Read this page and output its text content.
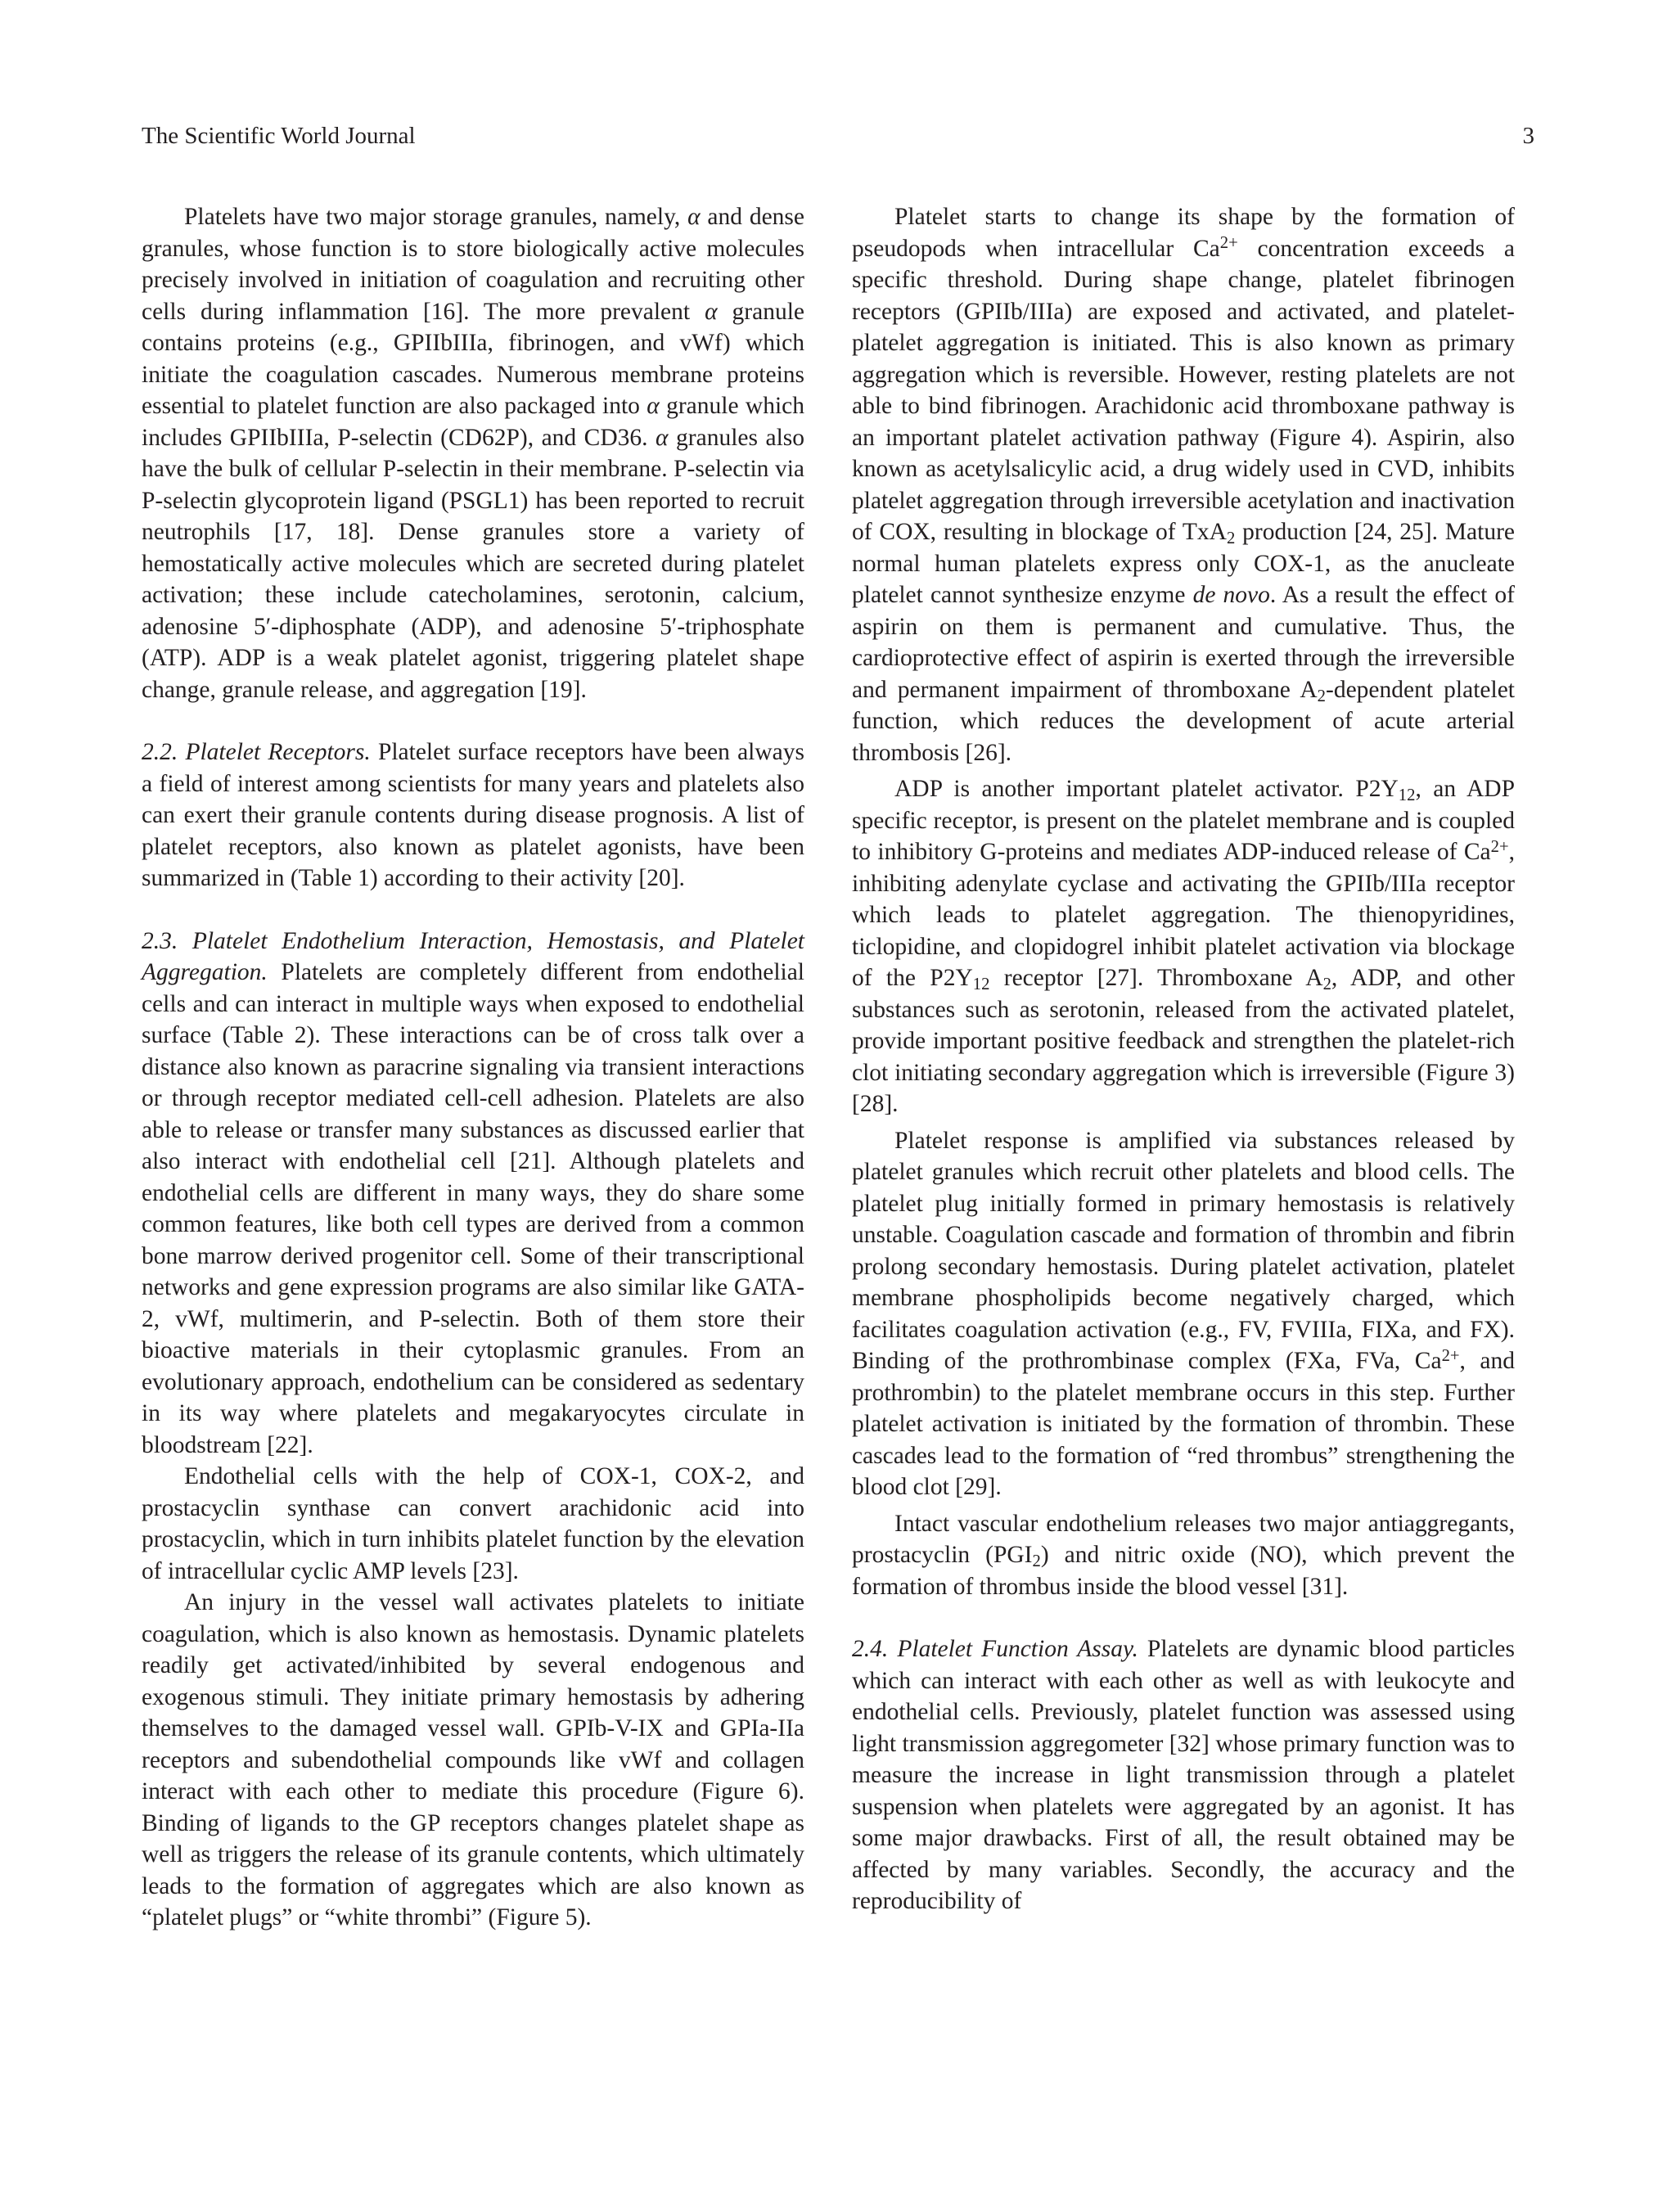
The Scientific World Journal	3

Platelets have two major storage granules, namely, α and dense granules, whose function is to store biologically active molecules precisely involved in initiation of coagulation and recruiting other cells during inflammation [16]. The more prevalent α granule contains proteins (e.g., GPIIbIIIa, fibrinogen, and vWf) which initiate the coagulation cascades. Numerous membrane proteins essential to platelet function are also packaged into α granule which includes GPIIbIIIa, P-selectin (CD62P), and CD36. α granules also have the bulk of cellular P-selectin in their membrane. P-selectin via P-selectin glycoprotein ligand (PSGL1) has been reported to recruit neutrophils [17, 18]. Dense granules store a variety of hemostatically active molecules which are secreted during platelet activation; these include catecholamines, serotonin, calcium, adenosine 5′-diphosphate (ADP), and adenosine 5′-triphosphate (ATP). ADP is a weak platelet agonist, triggering platelet shape change, granule release, and aggregation [19].

2.2. Platelet Receptors. Platelet surface receptors have been always a field of interest among scientists for many years and platelets also can exert their granule contents during disease prognosis. A list of platelet receptors, also known as platelet agonists, have been summarized in (Table 1) according to their activity [20].

2.3. Platelet Endothelium Interaction, Hemostasis, and Platelet Aggregation. Platelets are completely different from endothelial cells and can interact in multiple ways when exposed to endothelial surface (Table 2). These interactions can be of cross talk over a distance also known as paracrine signaling via transient interactions or through receptor mediated cell-cell adhesion. Platelets are also able to release or transfer many substances as discussed earlier that also interact with endothelial cell [21]. Although platelets and endothelial cells are different in many ways, they do share some common features, like both cell types are derived from a common bone marrow derived progenitor cell. Some of their transcriptional networks and gene expression programs are also similar like GATA-2, vWf, multimerin, and P-selectin. Both of them store their bioactive materials in their cytoplasmic granules. From an evolutionary approach, endothelium can be considered as sedentary in its way where platelets and megakaryocytes circulate in bloodstream [22].

Endothelial cells with the help of COX-1, COX-2, and prostacyclin synthase can convert arachidonic acid into prostacyclin, which in turn inhibits platelet function by the elevation of intracellular cyclic AMP levels [23].

An injury in the vessel wall activates platelets to initiate coagulation, which is also known as hemostasis. Dynamic platelets readily get activated/inhibited by several endogenous and exogenous stimuli. They initiate primary hemostasis by adhering themselves to the damaged vessel wall. GPIb-V-IX and GPIa-IIa receptors and subendothelial compounds like vWf and collagen interact with each other to mediate this procedure (Figure 6). Binding of ligands to the GP receptors changes platelet shape as well as triggers the release of its granule contents, which ultimately leads to the formation of aggregates which are also known as “platelet plugs” or “white thrombi” (Figure 5).

Platelet starts to change its shape by the formation of pseudopods when intracellular $Ca^{2+}$ concentration exceeds a specific threshold. During shape change, platelet fibrinogen receptors (GPIIb/IIIa) are exposed and activated, and platelet-platelet aggregation is initiated. This is also known as primary aggregation which is reversible. However, resting platelets are not able to bind fibrinogen. Arachidonic acid thromboxane pathway is an important platelet activation pathway (Figure 4). Aspirin, also known as acetylsalicylic acid, a drug widely used in CVD, inhibits platelet aggregation through irreversible acetylation and inactivation of COX, resulting in blockage of TxA$_2$ production [24, 25]. Mature normal human platelets express only COX-1, as the anucleate platelet cannot synthesize enzyme de novo. As a result the effect of aspirin on them is permanent and cumulative. Thus, the cardioprotective effect of aspirin is exerted through the irreversible and permanent impairment of thromboxane $A_2$-dependent platelet function, which reduces the development of acute arterial thrombosis [26].

ADP is another important platelet activator. $P2Y_{12}$, an ADP specific receptor, is present on the platelet membrane and is coupled to inhibitory G-proteins and mediates ADP-induced release of $Ca^{2+}$, inhibiting adenylate cyclase and activating the GPIIb/IIIa receptor which leads to platelet aggregation. The thienopyridines, ticlopidine, and clopidogrel inhibit platelet activation via blockage of the $P2Y_{12}$ receptor [27]. Thromboxane $A_2$, ADP, and other substances such as serotonin, released from the activated platelet, provide important positive feedback and strengthen the platelet-rich clot initiating secondary aggregation which is irreversible (Figure 3) [28].

Platelet response is amplified via substances released by platelet granules which recruit other platelets and blood cells. The platelet plug initially formed in primary hemostasis is relatively unstable. Coagulation cascade and formation of thrombin and fibrin prolong secondary hemostasis. During platelet activation, platelet membrane phospholipids become negatively charged, which facilitates coagulation activation (e.g., FV, FVIIIa, FIXa, and FX). Binding of the prothrombinase complex (FXa, FVa, $Ca^{2+}$, and prothrombin) to the platelet membrane occurs in this step. Further platelet activation is initiated by the formation of thrombin. These cascades lead to the formation of “red thrombus” strengthening the blood clot [29].

Intact vascular endothelium releases two major antiaggregants, prostacyclin $(PGI_2)$ and nitric oxide (NO), which prevent the formation of thrombus inside the blood vessel [31].

2.4. Platelet Function Assay. Platelets are dynamic blood particles which can interact with each other as well as with leukocyte and endothelial cells. Previously, platelet function was assessed using light transmission aggregometer [32] whose primary function was to measure the increase in light transmission through a platelet suspension when platelets were aggregated by an agonist. It has some major drawbacks. First of all, the result obtained may be affected by many variables. Secondly, the accuracy and the reproducibility of
